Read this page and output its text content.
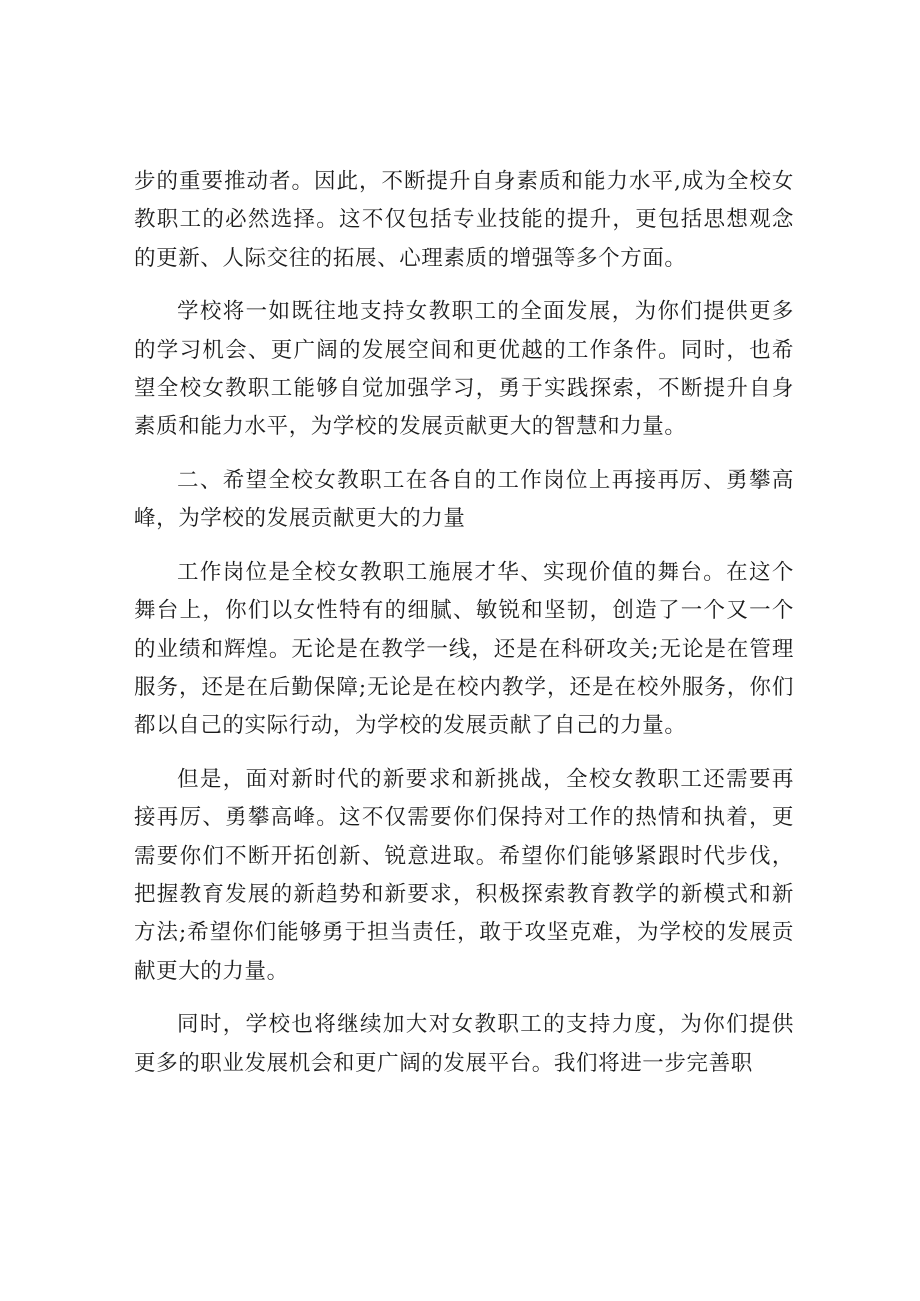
步的重要推动者。因此，不断提升自身素质和能力水平,成为全校女教职工的必然选择。这不仅包括专业技能的提升，更包括思想观念的更新、人际交往的拓展、心理素质的增强等多个方面。

学校将一如既往地支持女教职工的全面发展，为你们提供更多的学习机会、更广阔的发展空间和更优越的工作条件。同时，也希望全校女教职工能够自觉加强学习，勇于实践探索，不断提升自身素质和能力水平，为学校的发展贡献更大的智慧和力量。

二、希望全校女教职工在各自的工作岗位上再接再厉、勇攀高峰，为学校的发展贡献更大的力量

工作岗位是全校女教职工施展才华、实现价值的舞台。在这个舞台上，你们以女性特有的细腻、敏锐和坚韧，创造了一个又一个的业绩和辉煌。无论是在教学一线，还是在科研攻关;无论是在管理服务，还是在后勤保障;无论是在校内教学，还是在校外服务，你们都以自己的实际行动，为学校的发展贡献了自己的力量。

但是，面对新时代的新要求和新挑战，全校女教职工还需要再接再厉、勇攀高峰。这不仅需要你们保持对工作的热情和执着，更需要你们不断开拓创新、锐意进取。希望你们能够紧跟时代步伐，把握教育发展的新趋势和新要求，积极探索教育教学的新模式和新方法;希望你们能够勇于担当责任，敢于攻坚克难，为学校的发展贡献更大的力量。

同时，学校也将继续加大对女教职工的支持力度，为你们提供更多的职业发展机会和更广阔的发展平台。我们将进一步完善职
